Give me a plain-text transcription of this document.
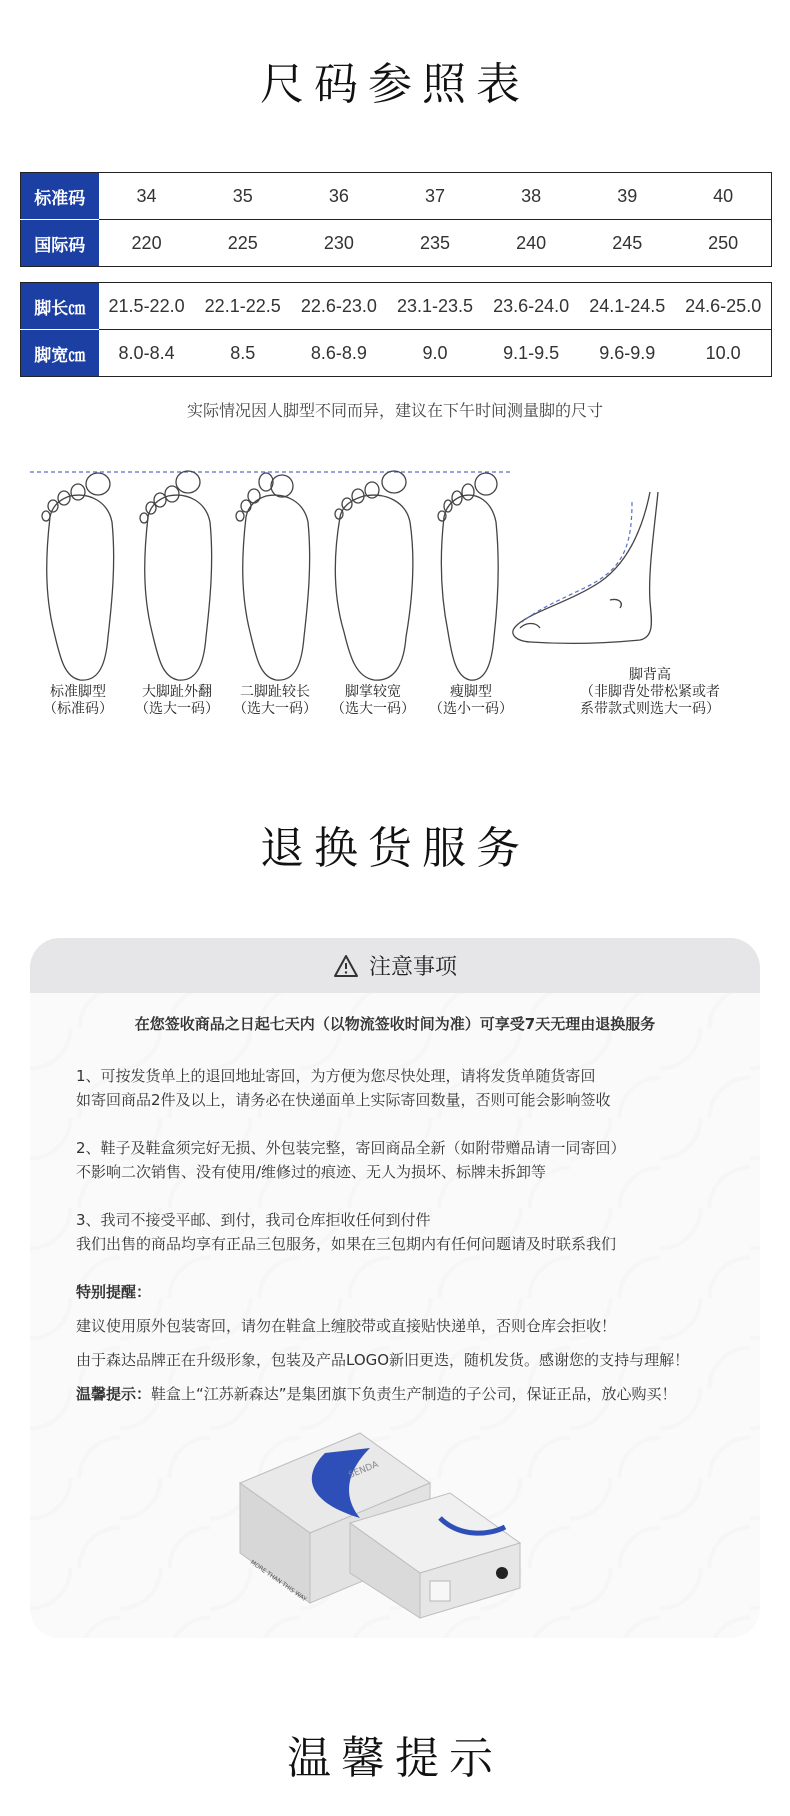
尺码参照表
标准码	34	35	36	37	38	39	40
国际码	220	225	230	235	240	245	250
脚长㎝	21.5-22.0	22.1-22.5	22.6-23.0	23.1-23.5	23.6-24.0	24.1-24.5	24.6-25.0
脚宽㎝	8.0-8.4	8.5	8.6-8.9	9.0	9.1-9.5	9.6-9.9	10.0
实际情况因人脚型不同而异，建议在下午时间测量脚的尺寸
标准脚型
（标准码）
大脚趾外翻
（选大一码）
二脚趾较长
（选大一码）
脚掌较宽
（选大一码）
瘦脚型
（选小一码）
脚背高
（非脚背处带松紧或者
系带款式则选大一码）
退换货服务
注意事项
在您签收商品之日起七天内（以物流签收时间为准）可享受7天无理由退换服务
1、可按发货单上的退回地址寄回，为方便为您尽快处理，请将发货单随货寄回
如寄回商品2件及以上，请务必在快递面单上实际寄回数量，否则可能会影响签收
2、鞋子及鞋盒须完好无损、外包装完整，寄回商品全新（如附带赠品请一同寄回）
不影响二次销售、没有使用/维修过的痕迹、无人为损坏、标牌未拆卸等
3、我司不接受平邮、到付，我司仓库拒收任何到付件
我们出售的商品均享有正品三包服务，如果在三包期内有任何问题请及时联系我们
特别提醒：
建议使用原外包装寄回，请勿在鞋盒上缠胶带或直接贴快递单，否则仓库会拒收！
由于森达品牌正在升级形象，包装及产品LOGO新旧更迭，随机发货。感谢您的支持与理解！
温馨提示：鞋盒上“江苏新森达”是集团旗下负责生产制造的子公司，保证正品，放心购买！
SENDA
MORE THAN THIS WAY
温馨提示
